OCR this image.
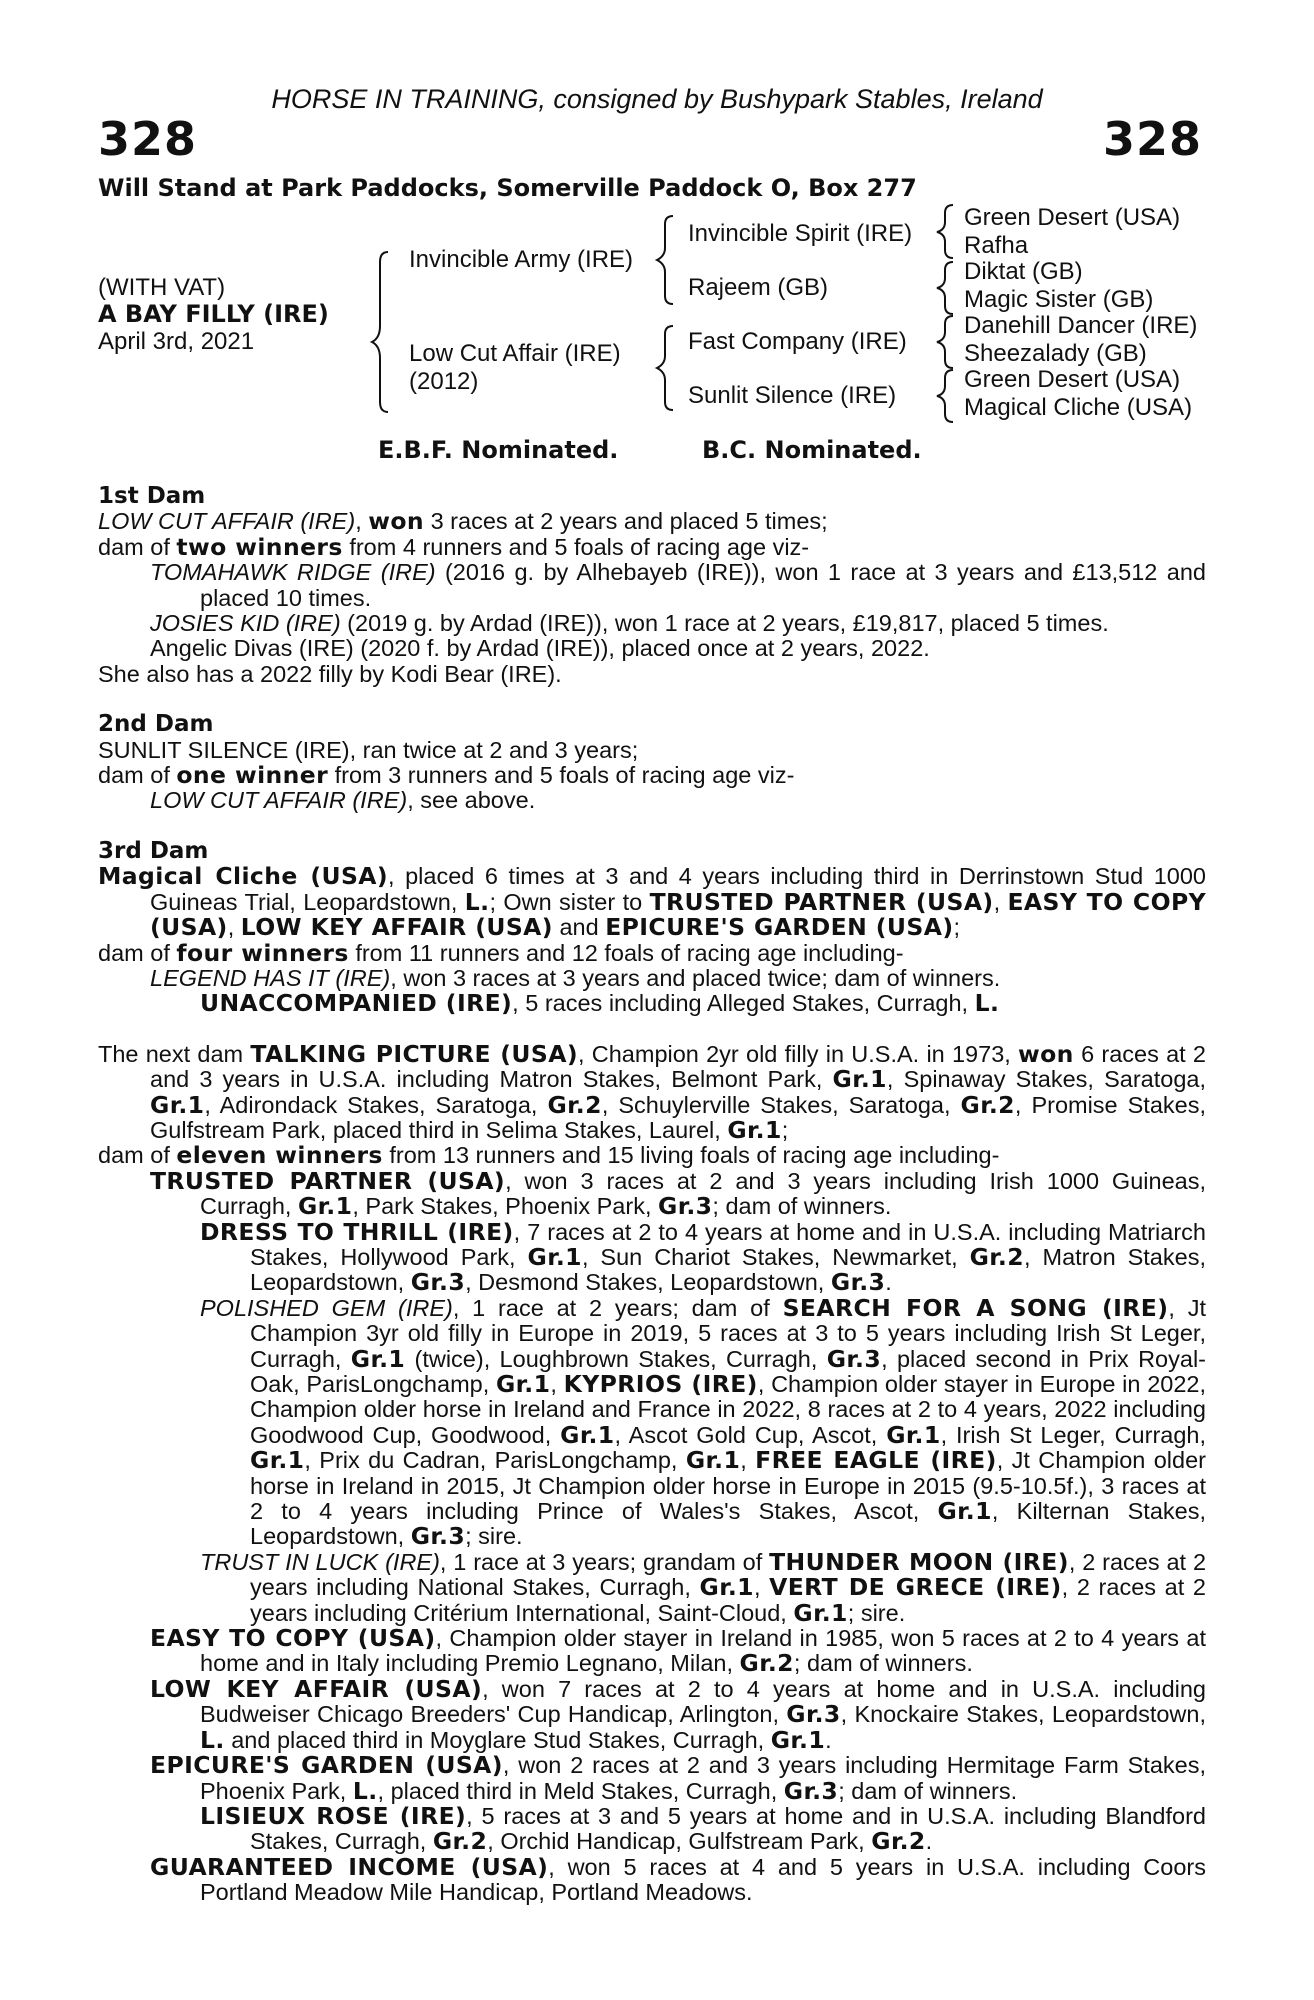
HORSE IN TRAINING, consigned by Bushypark Stables, Ireland
328	328
Will Stand at Park Paddocks, Somerville Paddock O, Box 277
(WITH VAT)
A BAY FILLY (IRE)
April 3rd, 2021
Invincible Army (IRE)
Low Cut Affair (IRE)
(2012)
Invincible Spirit (IRE)
Rajeem (GB)
Fast Company (IRE)
Sunlit Silence (IRE)
Green Desert (USA)
Rafha
Diktat (GB)
Magic Sister (GB)
Danehill Dancer (IRE)
Sheezalady (GB)
Green Desert (USA)
Magical Cliche (USA)
E.B.F. Nominated.	B.C. Nominated.

1st Dam

LOW CUT AFFAIR (IRE), won 3 races at 2 years and placed 5 times;

dam of two winners from 4 runners and 5 foals of racing age viz-

TOMAHAWK RIDGE (IRE) (2016 g. by Alhebayeb (IRE)), won 1 race at 3 years and £13,512 and placed 10 times.

JOSIES KID (IRE) (2019 g. by Ardad (IRE)), won 1 race at 2 years, £19,817, placed 5 times.

Angelic Divas (IRE) (2020 f. by Ardad (IRE)), placed once at 2 years, 2022.

She also has a 2022 filly by Kodi Bear (IRE).

2nd Dam

SUNLIT SILENCE (IRE), ran twice at 2 and 3 years;

dam of one winner from 3 runners and 5 foals of racing age viz-

LOW CUT AFFAIR (IRE), see above.

3rd Dam

Magical Cliche (USA), placed 6 times at 3 and 4 years including third in Derrinstown Stud 1000 Guineas Trial, Leopardstown, L.; Own sister to TRUSTED PARTNER (USA), EASY TO COPY (USA), LOW KEY AFFAIR (USA) and EPICURE'S GARDEN (USA);

dam of four winners from 11 runners and 12 foals of racing age including-

LEGEND HAS IT (IRE), won 3 races at 3 years and placed twice; dam of winners.

UNACCOMPANIED (IRE), 5 races including Alleged Stakes, Curragh, L.

The next dam TALKING PICTURE (USA), Champion 2yr old filly in U.S.A. in 1973, won 6 races at 2 and 3 years in U.S.A. including Matron Stakes, Belmont Park, Gr.1, Spinaway Stakes, Saratoga, Gr.1, Adirondack Stakes, Saratoga, Gr.2, Schuylerville Stakes, Saratoga, Gr.2, Promise Stakes, Gulfstream Park, placed third in Selima Stakes, Laurel, Gr.1;

dam of eleven winners from 13 runners and 15 living foals of racing age including-

TRUSTED PARTNER (USA), won 3 races at 2 and 3 years including Irish 1000 Guineas, Curragh, Gr.1, Park Stakes, Phoenix Park, Gr.3; dam of winners.

DRESS TO THRILL (IRE), 7 races at 2 to 4 years at home and in U.S.A. including Matriarch Stakes, Hollywood Park, Gr.1, Sun Chariot Stakes, Newmarket, Gr.2, Matron Stakes, Leopardstown, Gr.3, Desmond Stakes, Leopardstown, Gr.3.

POLISHED GEM (IRE), 1 race at 2 years; dam of SEARCH FOR A SONG (IRE), Jt Champion 3yr old filly in Europe in 2019, 5 races at 3 to 5 years including Irish St Leger, Curragh, Gr.1 (twice), Loughbrown Stakes, Curragh, Gr.3, placed second in Prix Royal-Oak, ParisLongchamp, Gr.1, KYPRIOS (IRE), Champion older stayer in Europe in 2022, Champion older horse in Ireland and France in 2022, 8 races at 2 to 4 years, 2022 including Goodwood Cup, Goodwood, Gr.1, Ascot Gold Cup, Ascot, Gr.1, Irish St Leger, Curragh, Gr.1, Prix du Cadran, ParisLongchamp, Gr.1, FREE EAGLE (IRE), Jt Champion older horse in Ireland in 2015, Jt Champion older horse in Europe in 2015 (9.5-10.5f.), 3 races at 2 to 4 years including Prince of Wales's Stakes, Ascot, Gr.1, Kilternan Stakes, Leopardstown, Gr.3; sire.

TRUST IN LUCK (IRE), 1 race at 3 years; grandam of THUNDER MOON (IRE), 2 races at 2 years including National Stakes, Curragh, Gr.1, VERT DE GRECE (IRE), 2 races at 2 years including Critérium International, Saint-Cloud, Gr.1; sire.

EASY TO COPY (USA), Champion older stayer in Ireland in 1985, won 5 races at 2 to 4 years at home and in Italy including Premio Legnano, Milan, Gr.2; dam of winners.

LOW KEY AFFAIR (USA), won 7 races at 2 to 4 years at home and in U.S.A. including Budweiser Chicago Breeders' Cup Handicap, Arlington, Gr.3, Knockaire Stakes, Leopardstown, L. and placed third in Moyglare Stud Stakes, Curragh, Gr.1.

EPICURE'S GARDEN (USA), won 2 races at 2 and 3 years including Hermitage Farm Stakes, Phoenix Park, L., placed third in Meld Stakes, Curragh, Gr.3; dam of winners.

LISIEUX ROSE (IRE), 5 races at 3 and 5 years at home and in U.S.A. including Blandford Stakes, Curragh, Gr.2, Orchid Handicap, Gulfstream Park, Gr.2.

GUARANTEED INCOME (USA), won 5 races at 4 and 5 years in U.S.A. including Coors Portland Meadow Mile Handicap, Portland Meadows.
